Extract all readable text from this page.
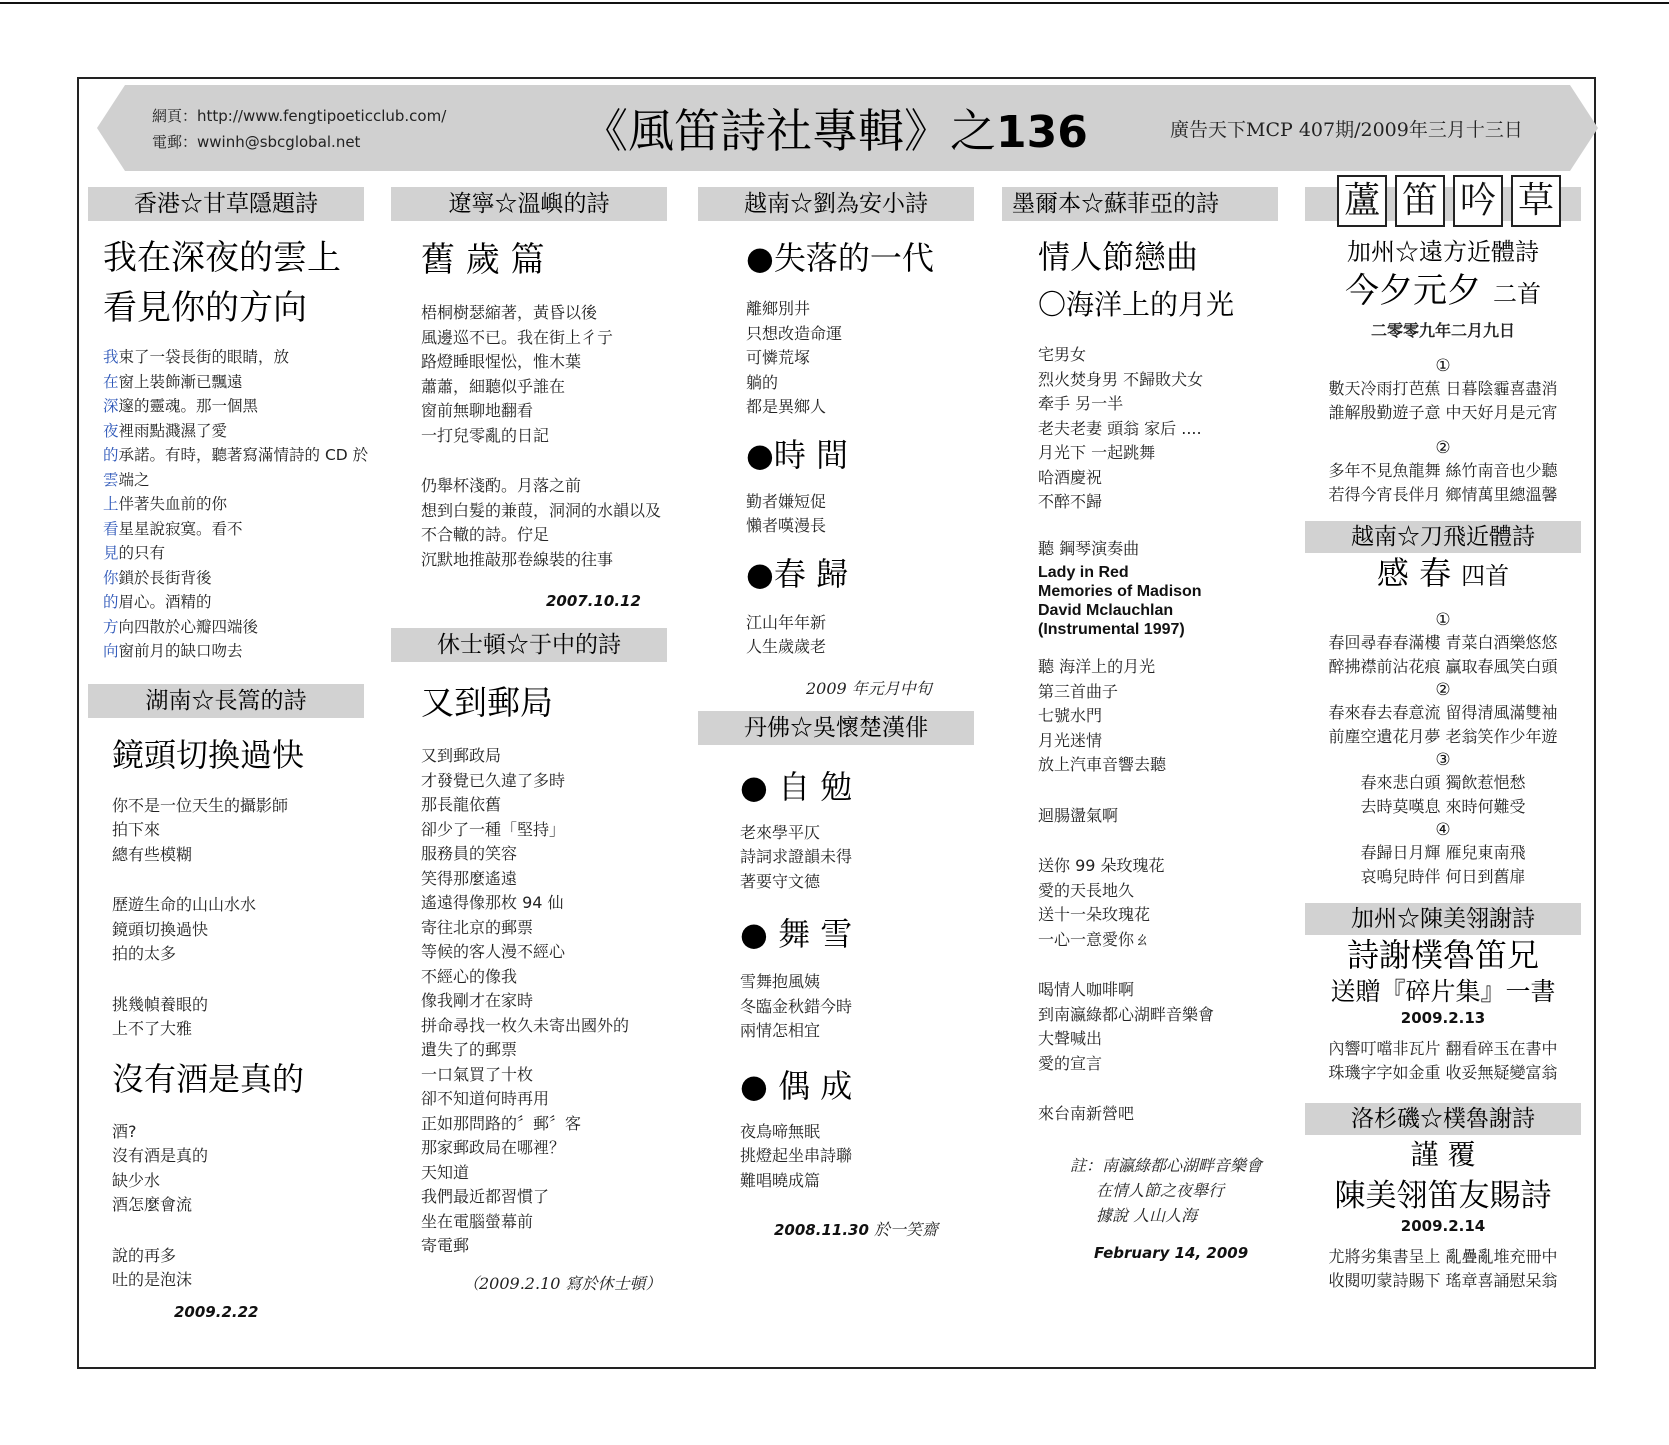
網頁：http://www.fengtipoeticclub.com/
電郵：wwinh@sbcglobal.net	《風笛詩社專輯》之136	廣告天下MCP 407期/2009年三月十三日
香港☆甘草隱題詩
我在深夜的雲上
看見你的方向
我束了一袋長街的眼睛，放
在窗上裝飾漸已飄遠
深邃的靈魂。那一個黑
夜裡雨點濺濕了愛
的承諾。有時，聽著寫滿情詩的 CD 於
雲端之
上伴著失血前的你
看星星說寂寞。看不
見的只有
你鎖於長街背後
的眉心。酒精的
方向四散於心瓣四端後
向窗前月的缺口吻去
湖南☆長篙的詩
鏡頭切換過快
你不是一位天生的攝影師
拍下來
總有些模糊
歷遊生命的山山水水
鏡頭切換過快
拍的太多
挑幾幀養眼的
上不了大雅
沒有酒是真的
酒?
沒有酒是真的
缺少水
酒怎麼會流
說的再多
吐的是泡沫
2009.2.22
遼寧☆溫嶼的詩
舊 歲 篇
梧桐樹瑟縮著，黃昏以後
風邊巡不已。我在街上彳亍
路燈睡眼惺忪，惟木葉
蕭蕭，細聽似乎誰在
窗前無聊地翻看
一打兒零亂的日記
仍舉杯淺酌。月落之前
想到白髮的兼葭，洞洞的水韻以及
不合轍的詩。佇足
沉默地推敲那卷線裝的往事
2007.10.12
休士頓☆于中的詩
又到郵局
又到郵政局
才發覺已久違了多時
那長龍依舊
卻少了一種「堅持」
服務員的笑容
笑得那麼遙遠
遙遠得像那枚 94 仙
寄往北京的郵票
等候的客人漫不經心
不經心的像我
像我剛才在家時
拼命尋找一枚久未寄出國外的
遺失了的郵票
一口氣買了十枚
卻不知道何時再用
正如那問路的〞郵〞客
那家郵政局在哪裡？
天知道
我們最近都習慣了
坐在電腦螢幕前
寄電郵
（2009.2.10 寫於休士頓）
越南☆劉為安小詩
●失落的一代
離鄉別井
只想改造命運
可憐荒塚
躺的
都是異鄉人
●時 間
勤者嫌短促
懶者嘆漫長
●春 歸
江山年年新
人生歲歲老
2009 年元月中旬
丹佛☆吳懷楚漢俳
● 自 勉
老來學平仄
詩詞求證韻未得
著要守文德
● 舞 雪
雪舞抱風姨
冬臨金秋錯今時
兩情怎相宜
● 偶 成
夜鳥啼無眠
挑燈起坐串詩聯
難唱曉成篇
2008.11.30 於一笑齋
墨爾本☆蘇菲亞的詩
情人節戀曲
〇海洋上的月光
宅男女
烈火焚身男 不歸敗犬女
牽手 另一半
老夫老妻 頭翁 家后 ....
月光下 一起跳舞
哈酒慶祝
不醉不歸
聽 鋼琴演奏曲
Lady in Red
Memories of Madison
David Mclauchlan
(Instrumental 1997)
聽 海洋上的月光
第三首曲子
七號水門
月光迷情
放上汽車音響去聽
迴腸盪氣啊
送你 99 朵玫瑰花
愛的天長地久
送十一朵玫瑰花
一心一意愛你ㄠ
喝情人咖啡啊
到南瀛綠都心湖畔音樂會
大聲喊出
愛的宣言
來台南新營吧
註：南瀛綠都心湖畔音樂會
在情人節之夜舉行
據說 人山人海
February 14, 2009
蘆 笛 吟 草
加州☆遠方近體詩
今夕元夕 二首
二零零九年二月九日
①
數天冷雨打芭蕉 日暮陰霾喜盡消
誰解殷勤遊子意 中天好月是元宵
②
多年不見魚龍舞 絲竹南音也少聽
若得今宵長伴月 鄉情萬里總溫馨
越南☆刀飛近體詩
感 春 四首
①
春回尋春春滿樓 青菜白酒樂悠悠
醉拂襟前沾花痕 贏取春風笑白頭
②
春來春去春意流 留得清風滿雙袖
前塵空遺花月夢 老翁笑作少年遊
③
春來悲白頭 獨飲惹悒愁
去時莫嘆息 來時何難受
④
春歸日月輝 雁兒東南飛
哀鳴兒時伴 何日到舊扉
加州☆陳美翎謝詩
詩謝樸魯笛兄
送贈『碎片集』一書
2009.2.13
內響叮噹非瓦片 翻看碎玉在書中
珠璣字字如金重 收妥無疑變富翁
洛杉磯☆樸魯謝詩
謹 覆
陳美翎笛友賜詩
2009.2.14
尤將劣集書呈上 亂疊亂堆充冊中
收閱叨蒙詩賜下 瑤章喜誦慰呆翁
